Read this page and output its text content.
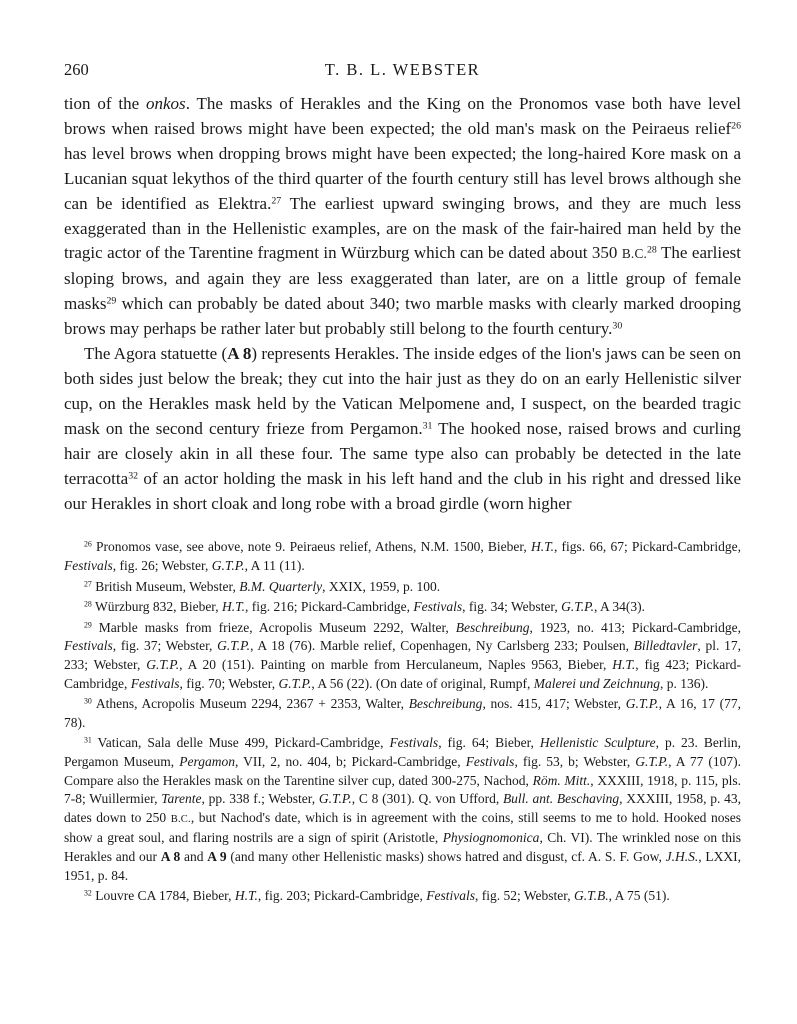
260	T. B. L. WEBSTER

tion of the onkos. The masks of Herakles and the King on the Pronomos vase both have level brows when raised brows might have been expected; the old man's mask on the Peiraeus relief$^{26}$ has level brows when dropping brows might have been expected; the long-haired Kore mask on a Lucanian squat lekythos of the third quarter of the fourth century still has level brows although she can be identified as Elektra.$^{27}$ The earliest upward swinging brows, and they are much less exaggerated than in the Hellenistic examples, are on the mask of the fair-haired man held by the tragic actor of the Tarentine fragment in Würzburg which can be dated about 350 B.C.$^{28}$ The earliest sloping brows, and again they are less exaggerated than later, are on a little group of female masks$^{29}$ which can probably be dated about 340; two marble masks with clearly marked drooping brows may perhaps be rather later but probably still belong to the fourth century.$^{30}$

The Agora statuette (A 8) represents Herakles. The inside edges of the lion's jaws can be seen on both sides just below the break; they cut into the hair just as they do on an early Hellenistic silver cup, on the Herakles mask held by the Vatican Melpomene and, I suspect, on the bearded tragic mask on the second century frieze from Pergamon.$^{31}$ The hooked nose, raised brows and curling hair are closely akin in all these four. The same type also can probably be detected in the late terracotta$^{32}$ of an actor holding the mask in his left hand and the club in his right and dressed like our Herakles in short cloak and long robe with a broad girdle (worn higher

$^{26}$ Pronomos vase, see above, note 9. Peiraeus relief, Athens, N.M. 1500, Bieber, H.T., figs. 66, 67; Pickard-Cambridge, Festivals, fig. 26; Webster, G.T.P., A 11 (11).

$^{27}$ British Museum, Webster, B.M. Quarterly, XXIX, 1959, p. 100.

$^{28}$ Würzburg 832, Bieber, H.T., fig. 216; Pickard-Cambridge, Festivals, fig. 34; Webster, G.T.P., A 34(3).

$^{29}$ Marble masks from frieze, Acropolis Museum 2292, Walter, Beschreibung, 1923, no. 413; Pickard-Cambridge, Festivals, fig. 37; Webster, G.T.P., A 18 (76). Marble relief, Copenhagen, Ny Carlsberg 233; Poulsen, Billedtavler, pl. 17, 233; Webster, G.T.P., A 20 (151). Painting on marble from Herculaneum, Naples 9563, Bieber, H.T., fig 423; Pickard-Cambridge, Festivals, fig. 70; Webster, G.T.P., A 56 (22). (On date of original, Rumpf, Malerei und Zeichnung, p. 136).

$^{30}$ Athens, Acropolis Museum 2294, 2367 + 2353, Walter, Beschreibung, nos. 415, 417; Webster, G.T.P., A 16, 17 (77, 78).

$^{31}$ Vatican, Sala delle Muse 499, Pickard-Cambridge, Festivals, fig. 64; Bieber, Hellenistic Sculpture, p. 23. Berlin, Pergamon Museum, Pergamon, VII, 2, no. 404, b; Pickard-Cambridge, Festivals, fig. 53, b; Webster, G.T.P., A 77 (107). Compare also the Herakles mask on the Tarentine silver cup, dated 300-275, Nachod, Röm. Mitt., XXXIII, 1918, p. 115, pls. 7-8; Wuillermier, Tarente, pp. 338 f.; Webster, G.T.P., C 8 (301). Q. von Ufford, Bull. ant. Beschaving, XXXIII, 1958, p. 43, dates down to 250 B.C., but Nachod's date, which is in agreement with the coins, still seems to me to hold. Hooked noses show a great soul, and flaring nostrils are a sign of spirit (Aristotle, Physiognomonica, Ch. VI). The wrinkled nose on this Herakles and our A 8 and A 9 (and many other Hellenistic masks) shows hatred and disgust, cf. A. S. F. Gow, J.H.S., LXXI, 1951, p. 84.

$^{32}$ Louvre CA 1784, Bieber, H.T., fig. 203; Pickard-Cambridge, Festivals, fig. 52; Webster, G.T.B., A 75 (51).
